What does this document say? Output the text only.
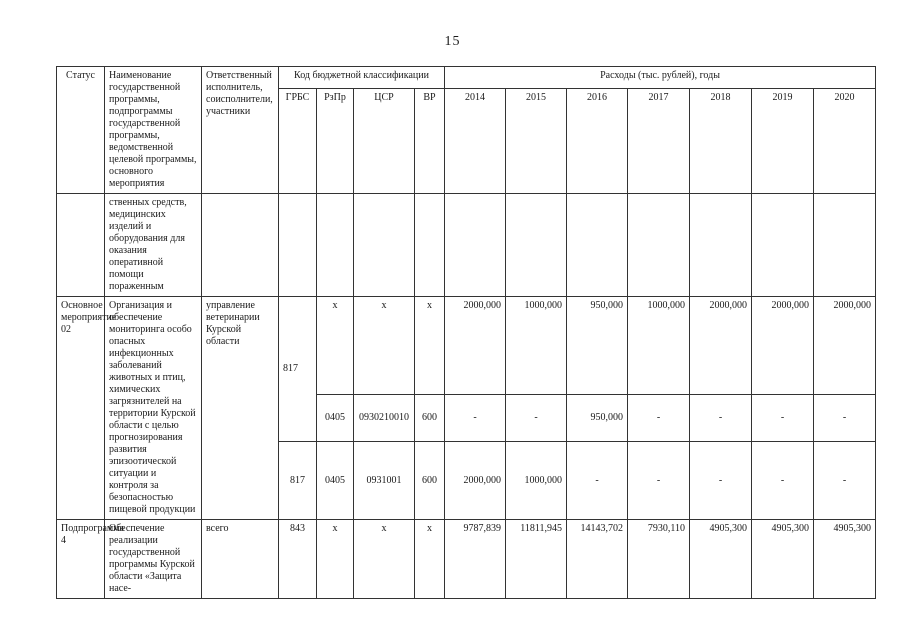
15
Статус	Наименование государственной программы, подпрограммы государственной программы, ведомственной целевой программы, основного мероприятия	Ответственный исполнитель, соисполнители, участники	Код бюджетной классификации				Расходы (тыс. рублей), годы						
			ГРБС	РзПр	ЦСР	ВР	2014	2015	2016	2017	2018	2019	2020
	ственных средств, медицинских изделий и оборудования для оказания оперативной помощи пораженным												
Основное мероприятие 02	Организация и обеспечение мониторинга особо опасных инфекционных заболеваний животных и птиц, химических загрязнителей на территории Курской области с целью прогнозирования развития эпизоотической ситуации и контроля за безопасностью пищевой продукции	управление ветеринарии Курской области	817	x	x	x	2000,000	1000,000	950,000	1000,000	2000,000	2000,000	2000,000
				0405	0930210010	600	-	-	950,000	-	-	-	-
			817	0405	0931001	600	2000,000	1000,000	-	-	-	-	-
Подпрограмма 4	Обеспечение реализации государственной программы Курской области «Защита насе-	всего	843	x	x	x	9787,839	11811,945	14143,702	7930,110	4905,300	4905,300	4905,300
